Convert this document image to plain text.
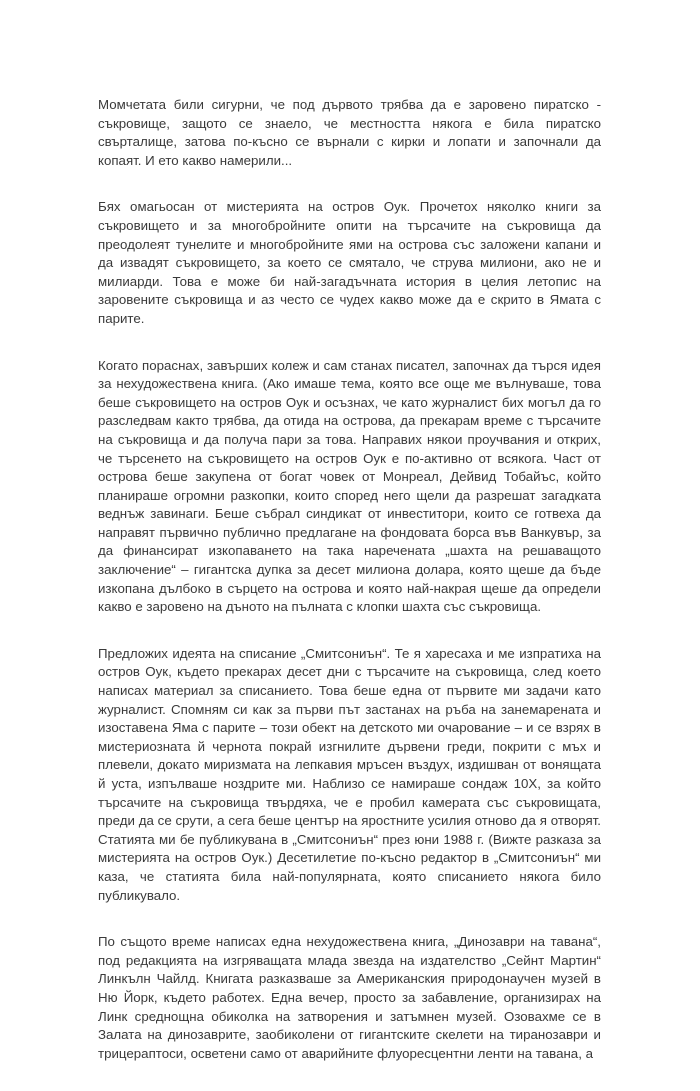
Момчетата били сигурни, че под дървото трябва да е заровено пиратско - съкровище, защото се знаело, че местността някога е била пиратско свърталище, затова по-късно се върнали с кирки и лопати и започнали да копаят. И ето какво намерили...

Бях омагьосан от мистерията на остров Оук. Прочетох няколко книги за съкровището и за многобройните опити на търсачите на съкровища да преодолеят тунелите и многобройните ями на острова със заложени капани и да извадят съкровището, за което се смятало, че струва милиони, ако не и милиарди. Това е може би най-загадъчната история в целия летопис на заровените съкровища и аз често се чудех какво може да е скрито в Ямата с парите.

Когато пораснах, завърших колеж и сам станах писател, започнах да търся идея за нехудожествена книга. (Ако имаше тема, която все още ме вълнуваше, това беше съкровището на остров Оук и осъзнах, че като журналист бих могъл да го разследвам както трябва, да отида на острова, да прекарам време с търсачите на съкровища и да получа пари за това. Направих някои проучвания и открих, че търсенето на съкровището на остров Оук е по-активно от всякога. Част от острова беше закупена от богат човек от Монреал, Дейвид Тобайъс, който планираше огромни разкопки, които според него щели да разрешат загадката веднъж завинаги. Беше събрал синдикат от инвеститори, които се готвеха да направят първично публично предлагане на фондовата борса във Ванкувър, за да финансират изкопаването на така наречената „шахта на решаващото заключение“ – гигантска дупка за десет милиона долара, която щеше да бъде изкопана дълбоко в сърцето на острова и която най-накрая щеше да определи какво е заровено на дъното на пълната с клопки шахта със съкровища.

Предложих идеята на списание „Смитсониън“. Те я харесаха и ме изпратиха на остров Оук, където прекарах десет дни с търсачите на съкровища, след което написах материал за списанието. Това беше една от първите ми задачи като журналист. Спомням си как за първи път застанах на ръба на занемарената и изоставена Яма с парите – този обект на детското ми очарование – и се взрях в мистериозната й чернота покрай изгнилите дървени греди, покрити с мъх и плевели, докато миризмата на лепкавия мръсен въздух, издишван от вонящата й уста, изпълваше ноздрите ми. Наблизо се намираше сондаж 10Х, за който търсачите на съкровища твърдяха, че е пробил камерата със съкровищата, преди да се срути, а сега беше център на яростните усилия отново да я отворят. Статията ми бе публикувана в „Смитсониън“ през юни 1988 г. (Вижте разказа за мистерията на остров Оук.) Десетилетие по-късно редактор в „Смитсониън“ ми каза, че статията била най-популярната, която списанието някога било публикувало.

По същото време написах една нехудожествена книга, „Динозаври на тавана“, под редакцията на изгряващата млада звезда на издателство „Сейнт Мартин“ Линкълн Чайлд. Книгата разказваше за Американския природонаучен музей в Ню Йорк, където работех. Една вечер, просто за забавление, организирах на Линк среднощна обиколка на затворения и затъмнен музей. Озовахме се в Залата на динозаврите, заобиколени от гигантските скелети на тиранозаври и трицераптоси, осветени само от аварийните флуоресцентни ленти на тавана, а
